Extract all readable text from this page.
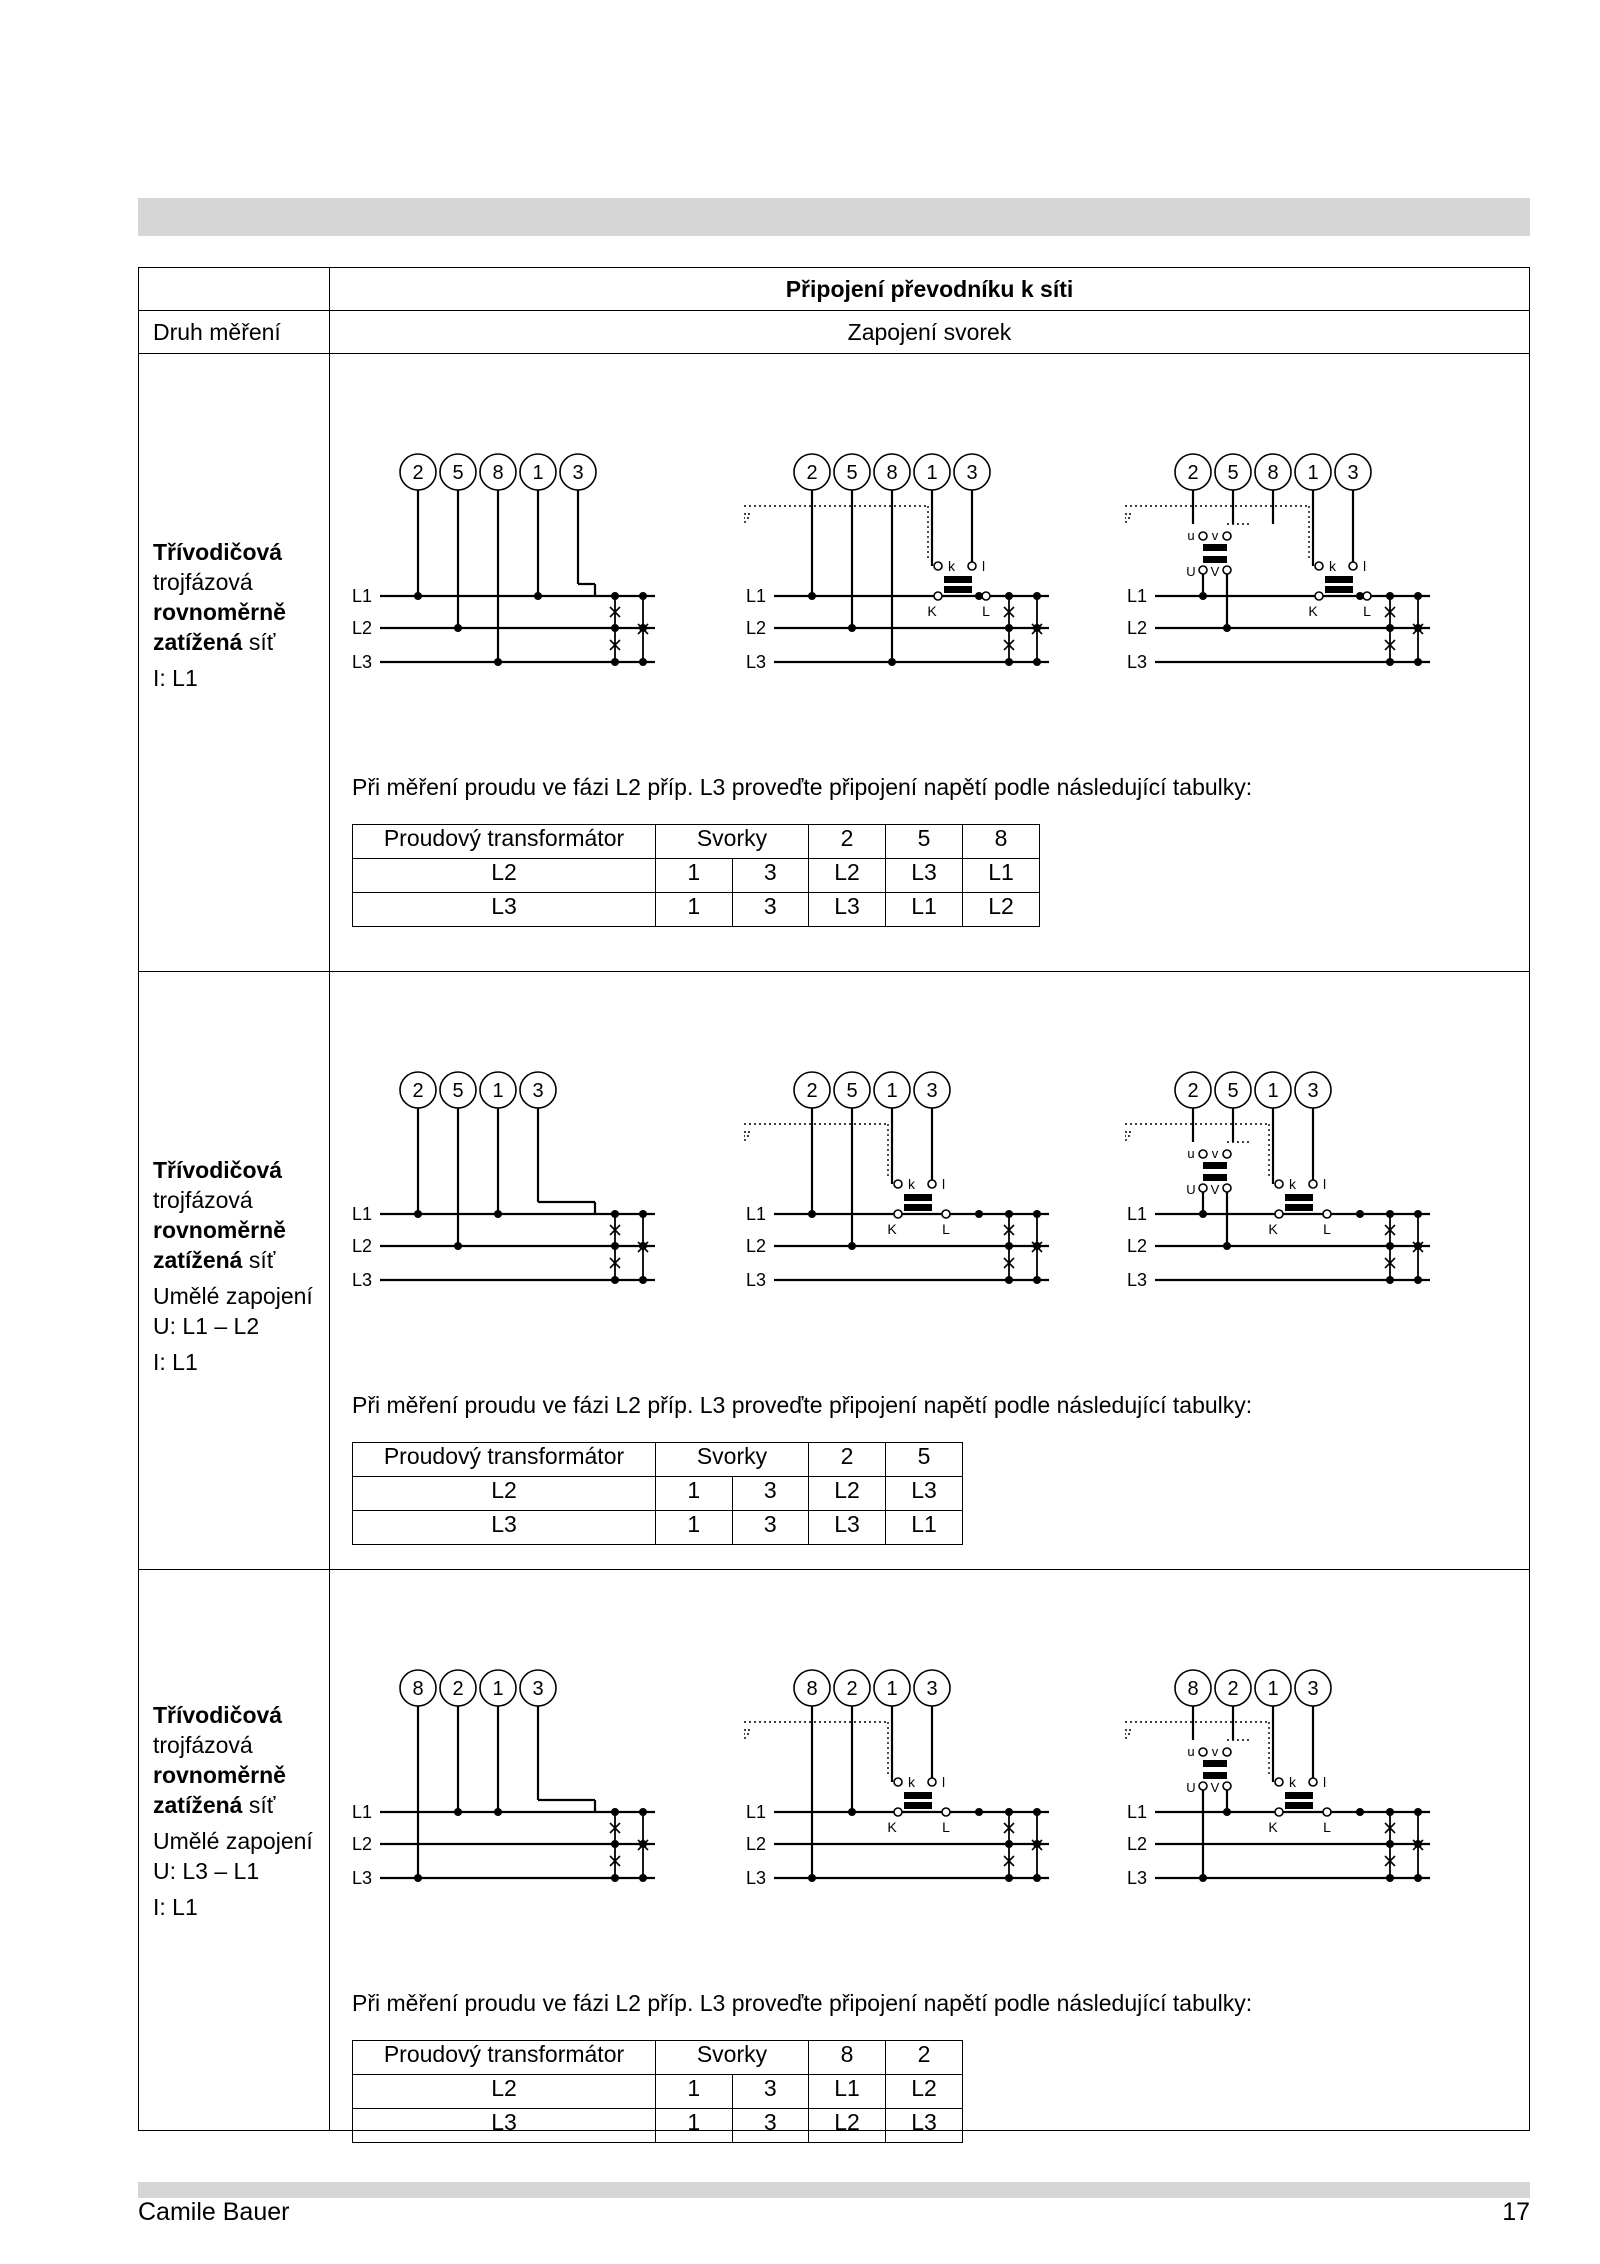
	Připojení převodníku k síti
Druh měření	Zapojení svorek

Třívodičová
trojfázová
rovnoměrně
zatížená síť
I: L1

2 5 8 1 3
L1
L2
L3
2 5 8 1 3
L1
L2
L3
k l
K	L
2 5 8 1 3
L1
L2
L3
k l
K	L
u v
U V
Při měření proudu ve fázi L2 příp. L3 proveďte připojení napětí podle následující tabulky:
Proudový transformátor	Svorky	2	5	8
L2	1	3	L2	L3	L1
L3	1	3	L3	L1	L2

Třívodičová
trojfázová
rovnoměrně
zatížená síť
Umělé zapojení
U: L1 – L2
I: L1

2 5 1 3
L1
L2
L3
2 5 1 3
L1
L2
L3
k l
K	L
2 5 1 3
L1
L2
L3
k l
K	L
u v
U V
Při měření proudu ve fázi L2 příp. L3 proveďte připojení napětí podle následující tabulky:
Proudový transformátor	Svorky	2	5
L2	1	3	L2	L3
L3	1	3	L3	L1

Třívodičová
trojfázová
rovnoměrně
zatížená síť
Umělé zapojení
U: L3 – L1
I: L1

8 2 1 3
L1
L2
L3
8 2 1 3
L1
L2
L3
k l
K	L
8 2 1 3
L1
L2
L3
k l
K	L
u v
U V
Při měření proudu ve fázi L2 příp. L3 proveďte připojení napětí podle následující tabulky:
Proudový transformátor	Svorky	8	2
L2	1	3	L1	L2
L3	1	3	L2	L3
Camile Bauer	17
